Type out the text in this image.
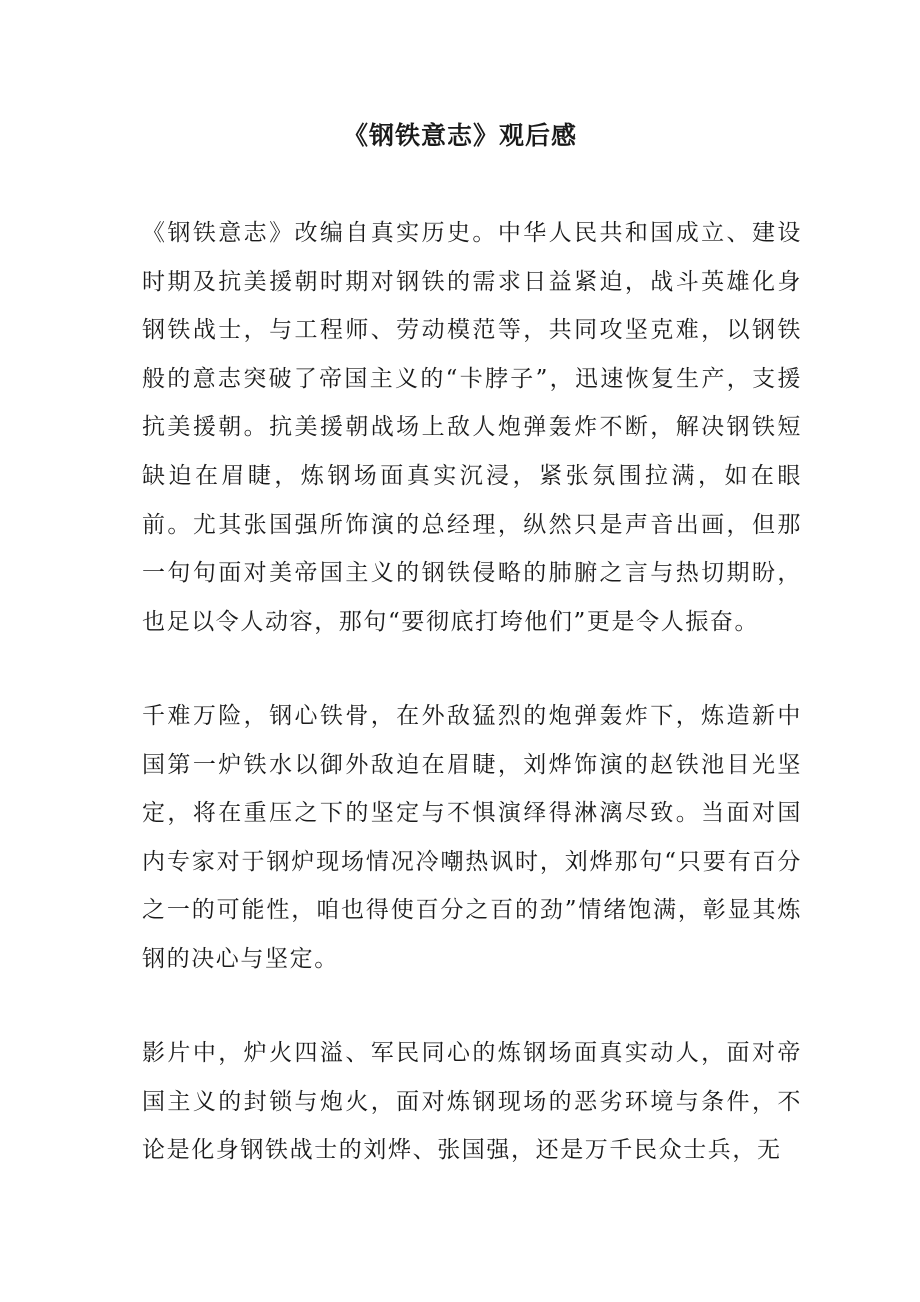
《钢铁意志》观后感

《钢铁意志》改编自真实历史。中华人民共和国成立、建设时期及抗美援朝时期对钢铁的需求日益紧迫，战斗英雄化身钢铁战士，与工程师、劳动模范等，共同攻坚克难，以钢铁般的意志突破了帝国主义的“卡脖子”，迅速恢复生产，支援抗美援朝。抗美援朝战场上敌人炮弹轰炸不断，解决钢铁短缺迫在眉睫，炼钢场面真实沉浸，紧张氛围拉满，如在眼前。尤其张国强所饰演的总经理，纵然只是声音出画，但那一句句面对美帝国主义的钢铁侵略的肺腑之言与热切期盼，也足以令人动容，那句“要彻底打垮他们”更是令人振奋。

千难万险，钢心铁骨，在外敌猛烈的炮弹轰炸下，炼造新中国第一炉铁水以御外敌迫在眉睫，刘烨饰演的赵铁池目光坚定，将在重压之下的坚定与不惧演绎得淋漓尽致。当面对国内专家对于钢炉现场情况冷嘲热讽时，刘烨那句“只要有百分之一的可能性，咱也得使百分之百的劲”情绪饱满，彰显其炼钢的决心与坚定。

影片中，炉火四溢、军民同心的炼钢场面真实动人，面对帝国主义的封锁与炮火，面对炼钢现场的恶劣环境与条件，不论是化身钢铁战士的刘烨、张国强，还是万千民众士兵，无
